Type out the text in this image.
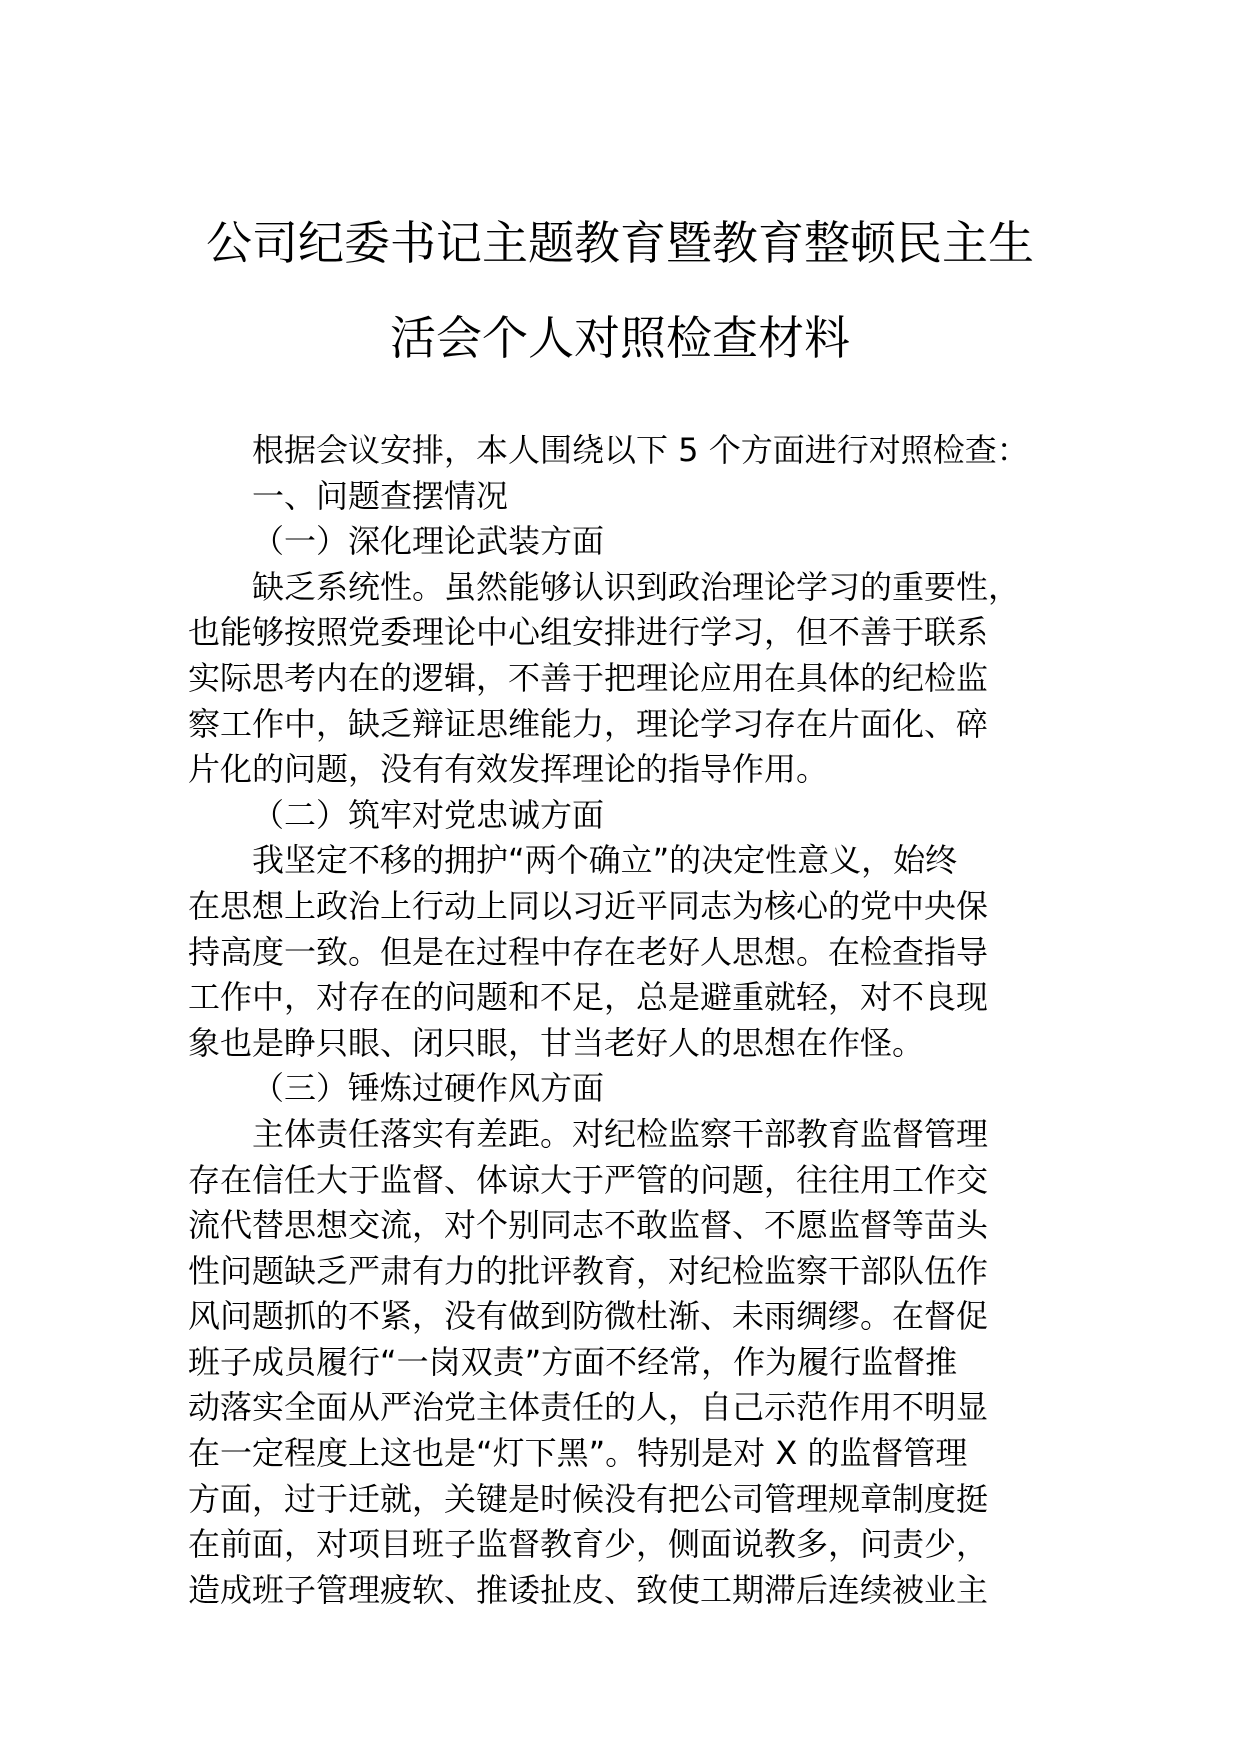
公司纪委书记主题教育暨教育整顿民主生
活会个人对照检查材料

根据会议安排，本人围绕以下 5 个方面进行对照检查：

一、问题查摆情况

（一）深化理论武装方面

缺乏系统性。虽然能够认识到政治理论学习的重要性，

也能够按照党委理论中心组安排进行学习，但不善于联系

实际思考内在的逻辑，不善于把理论应用在具体的纪检监

察工作中，缺乏辩证思维能力，理论学习存在片面化、碎

片化的问题，没有有效发挥理论的指导作用。

（二）筑牢对党忠诚方面

我坚定不移的拥护“两个确立”的决定性意义，始终

在思想上政治上行动上同以习近平同志为核心的党中央保

持高度一致。但是在过程中存在老好人思想。在检查指导

工作中，对存在的问题和不足，总是避重就轻，对不良现

象也是睁只眼、闭只眼，甘当老好人的思想在作怪。

（三）锤炼过硬作风方面

主体责任落实有差距。对纪检监察干部教育监督管理

存在信任大于监督、体谅大于严管的问题，往往用工作交

流代替思想交流，对个别同志不敢监督、不愿监督等苗头

性问题缺乏严肃有力的批评教育，对纪检监察干部队伍作

风问题抓的不紧，没有做到防微杜渐、未雨绸缪。在督促

班子成员履行“一岗双责”方面不经常，作为履行监督推

动落实全面从严治党主体责任的人，自己示范作用不明显

在一定程度上这也是“灯下黑”。特别是对 X 的监督管理

方面，过于迁就，关键是时候没有把公司管理规章制度挺

在前面，对项目班子监督教育少，侧面说教多，问责少，

造成班子管理疲软、推诿扯皮、致使工期滞后连续被业主
